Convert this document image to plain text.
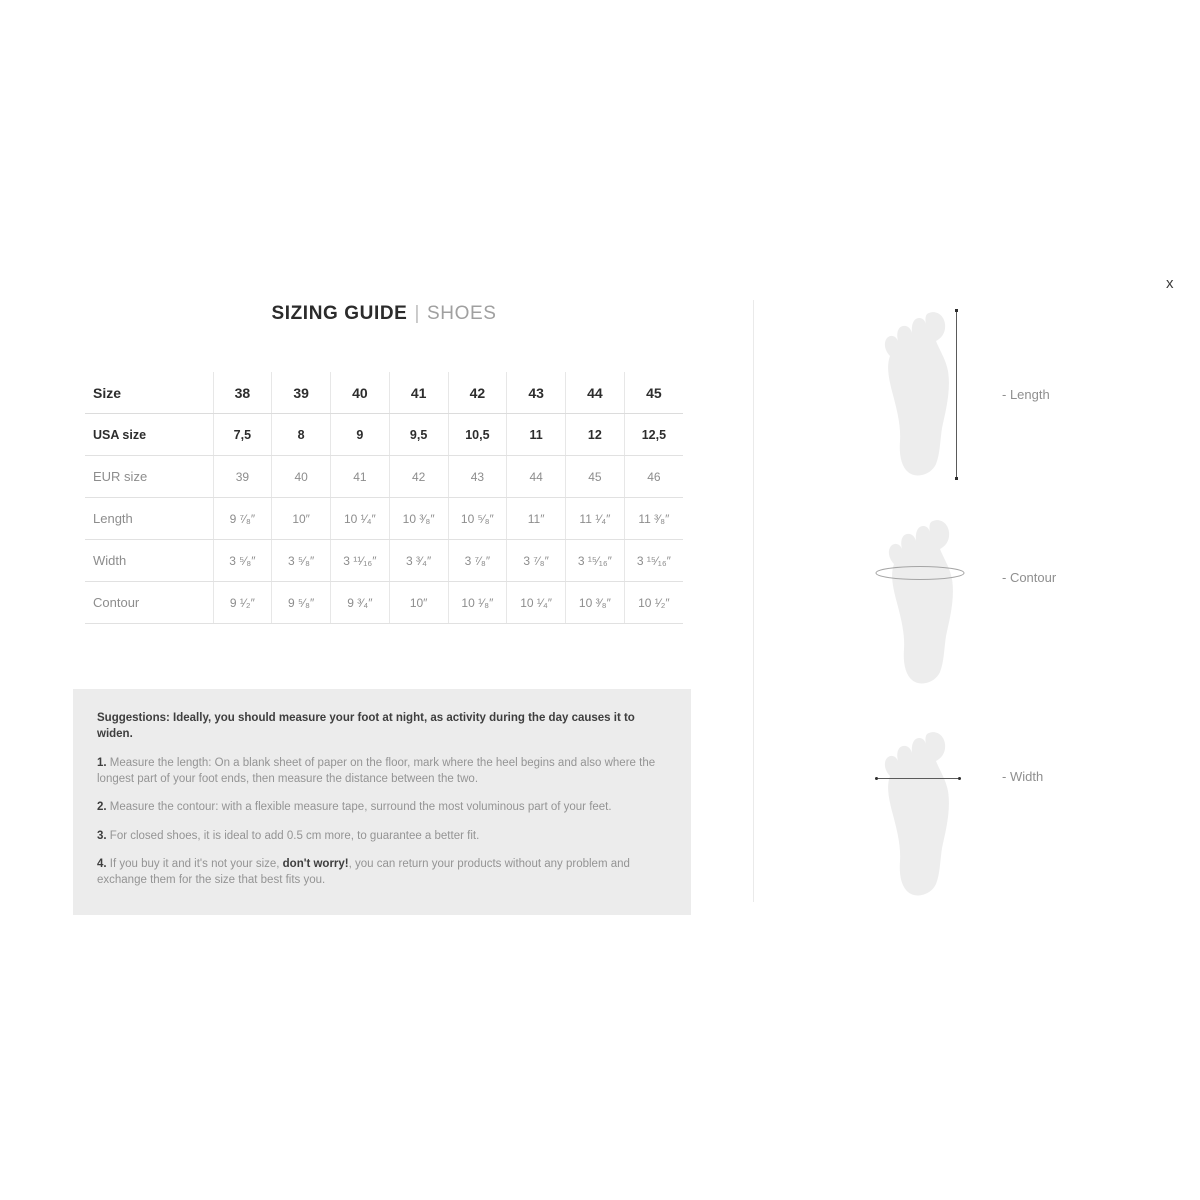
x
SIZING GUIDE | SHOES
Size	38	39	40	41	42	43	44	45
USA size	7,5	8	9	9,5	10,5	11	12	12,5
EUR size	39	40	41	42	43	44	45	46
Length	9 ⁷⁄₈″	10″	10 ¹⁄₄″	10 ³⁄₈″	10 ⁵⁄₈″	11″	11 ¹⁄₄″	11 ³⁄₈″
Width	3 ⁵⁄₈″	3 ⁵⁄₈″	3 ¹¹⁄₁₆″	3 ³⁄₄″	3 ⁷⁄₈″	3 ⁷⁄₈″	3 ¹⁵⁄₁₆″	3 ¹⁵⁄₁₆″
Contour	9 ¹⁄₂″	9 ⁵⁄₈″	9 ³⁄₄″	10″	10 ¹⁄₈″	10 ¹⁄₄″	10 ³⁄₈″	10 ¹⁄₂″

Suggestions: Ideally, you should measure your foot at night, as activity during the day causes it to widen.

1. Measure the length: On a blank sheet of paper on the floor, mark where the heel begins and also where the longest part of your foot ends, then measure the distance between the two.

2. Measure the contour: with a flexible measure tape, surround the most voluminous part of your feet.

3. For closed shoes, it is ideal to add 0.5 cm more, to guarantee a better fit.

4. If you buy it and it's not your size, don't worry!, you can return your products without any problem and exchange them for the size that best fits you.

- Length
- Contour
- Width
